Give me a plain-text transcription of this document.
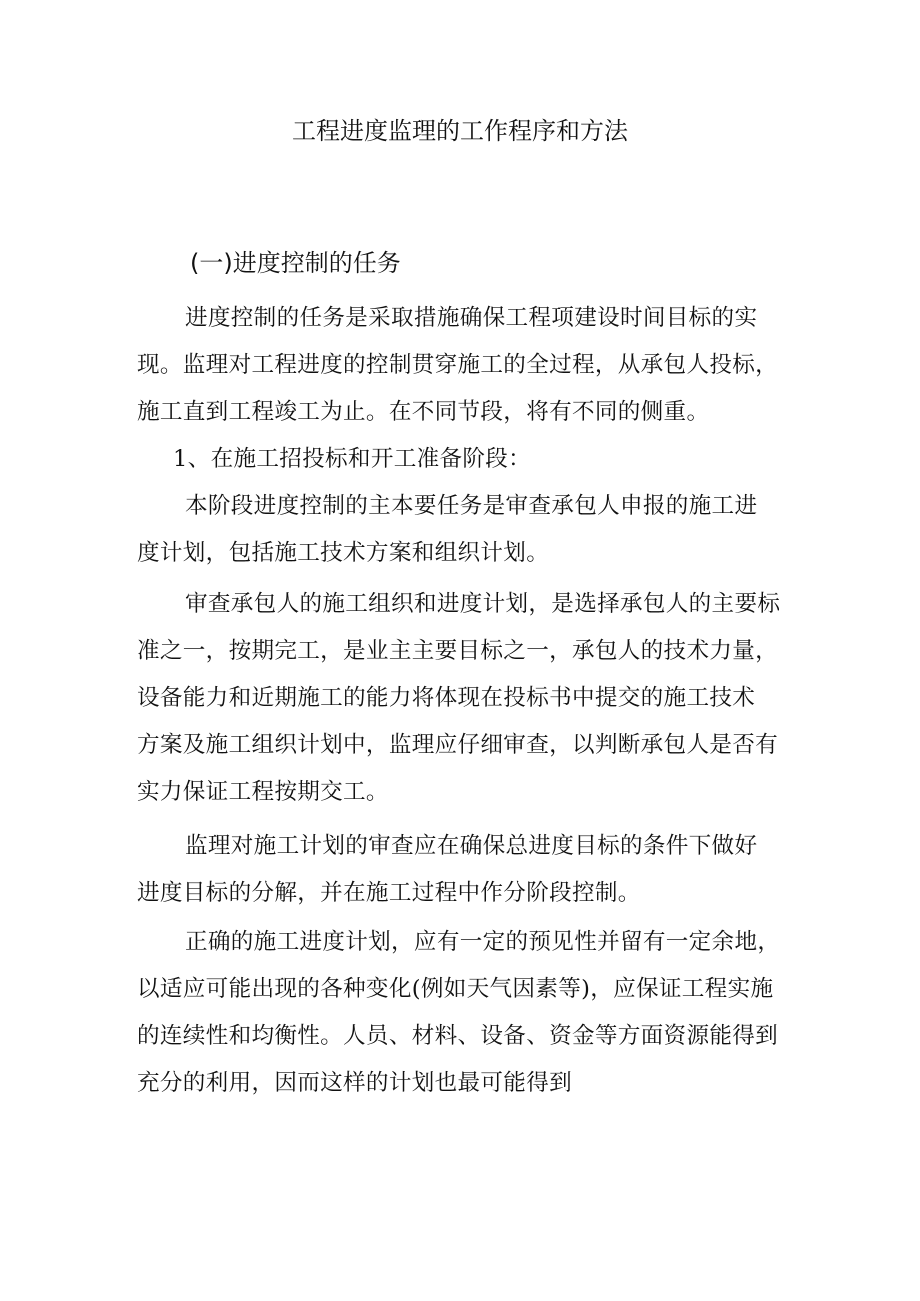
工程进度监理的工作程序和方法
(一)进度控制的任务
进度控制的任务是采取措施确保工程项建设时间目标的实
现。监理对工程进度的控制贯穿施工的全过程，从承包人投标，
施工直到工程竣工为止。在不同节段，将有不同的侧重。
1、在施工招投标和开工准备阶段：
本阶段进度控制的主本要任务是审查承包人申报的施工进
度计划，包括施工技术方案和组织计划。
审查承包人的施工组织和进度计划，是选择承包人的主要标
准之一，按期完工，是业主主要目标之一，承包人的技术力量，
设备能力和近期施工的能力将体现在投标书中提交的施工技术
方案及施工组织计划中，监理应仔细审查，以判断承包人是否有
实力保证工程按期交工。
监理对施工计划的审查应在确保总进度目标的条件下做好
进度目标的分解，并在施工过程中作分阶段控制。
正确的施工进度计划，应有一定的预见性并留有一定余地，
以适应可能出现的各种变化(例如天气因素等)，应保证工程实施
的连续性和均衡性。人员、材料、设备、资金等方面资源能得到
充分的利用，因而这样的计划也最可能得到
